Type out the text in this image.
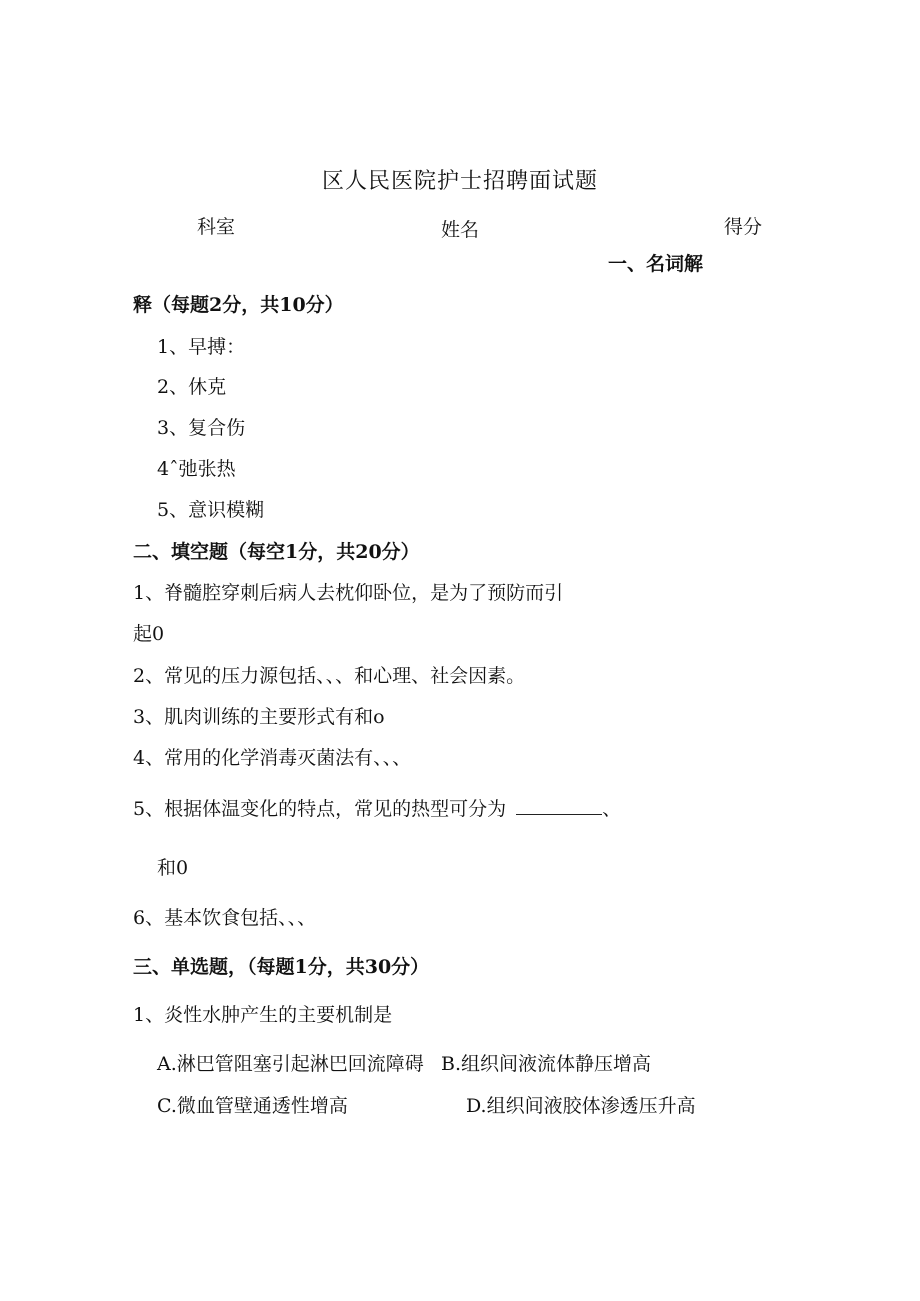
区人民医院护士招聘面试题
科室	姓名	得分
一、名词解
释（每题2分，共10分）
1、早搏：
2、休克
3、复合伤
4ˆ弛张热
5、意识模糊
二、填空题（每空1分，共20分）
1、脊髓腔穿刺后病人去枕仰卧位，是为了预防而引
起0
2、常见的压力源包括、、、和心理、社会因素。
3、肌肉训练的主要形式有和o
4、常用的化学消毒灭菌法有、、、
5、根据体温变化的特点，常见的热型可分为	、
和0
6、基本饮食包括、、、
三、单选题，（每题1分，共30分）
1、炎性水肿产生的主要机制是
A.淋巴管阻塞引起淋巴回流障碍 B.组织间液流体静压增高
C.微血管壁通透性增高	D.组织间液胶体渗透压升高
